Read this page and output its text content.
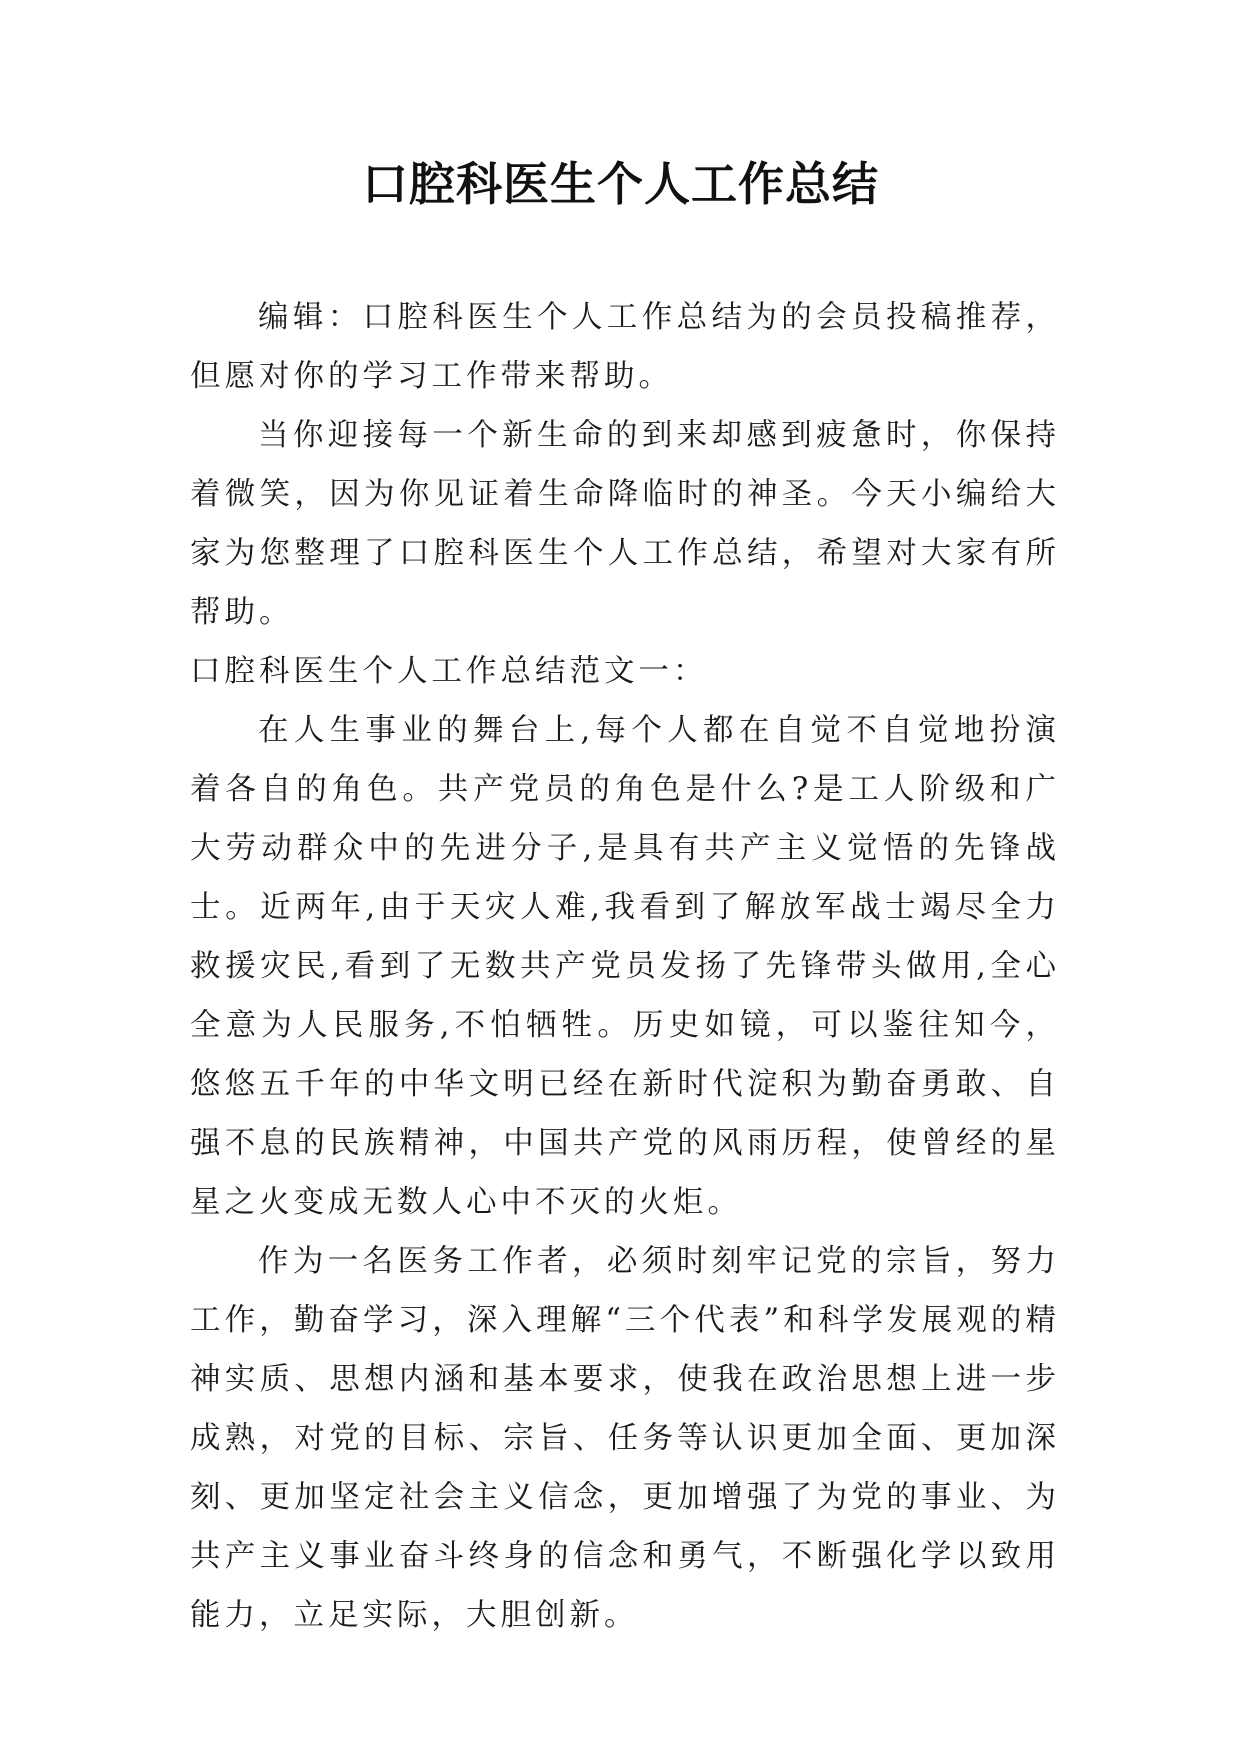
口腔科医生个人工作总结

编辑：口腔科医生个人工作总结为的会员投稿推荐，但愿对你的学习工作带来帮助。

当你迎接每一个新生命的到来却感到疲惫时，你保持着微笑，因为你见证着生命降临时的神圣。今天小编给大家为您整理了口腔科医生个人工作总结，希望对大家有所帮助。

口腔科医生个人工作总结范文一：

在人生事业的舞台上,每个人都在自觉不自觉地扮演着各自的角色。共产党员的角色是什么?是工人阶级和广大劳动群众中的先进分子,是具有共产主义觉悟的先锋战士。近两年,由于天灾人难,我看到了解放军战士竭尽全力救援灾民,看到了无数共产党员发扬了先锋带头做用,全心全意为人民服务,不怕牺牲。历史如镜，可以鉴往知今，悠悠五千年的中华文明已经在新时代淀积为勤奋勇敢、自强不息的民族精神，中国共产党的风雨历程，使曾经的星星之火变成无数人心中不灭的火炬。

作为一名医务工作者，必须时刻牢记党的宗旨，努力工作，勤奋学习，深入理解“三个代表”和科学发展观的精神实质、思想内涵和基本要求，使我在政治思想上进一步成熟，对党的目标、宗旨、任务等认识更加全面、更加深刻、更加坚定社会主义信念，更加增强了为党的事业、为共产主义事业奋斗终身的信念和勇气，不断强化学以致用能力，立足实际，大胆创新。
